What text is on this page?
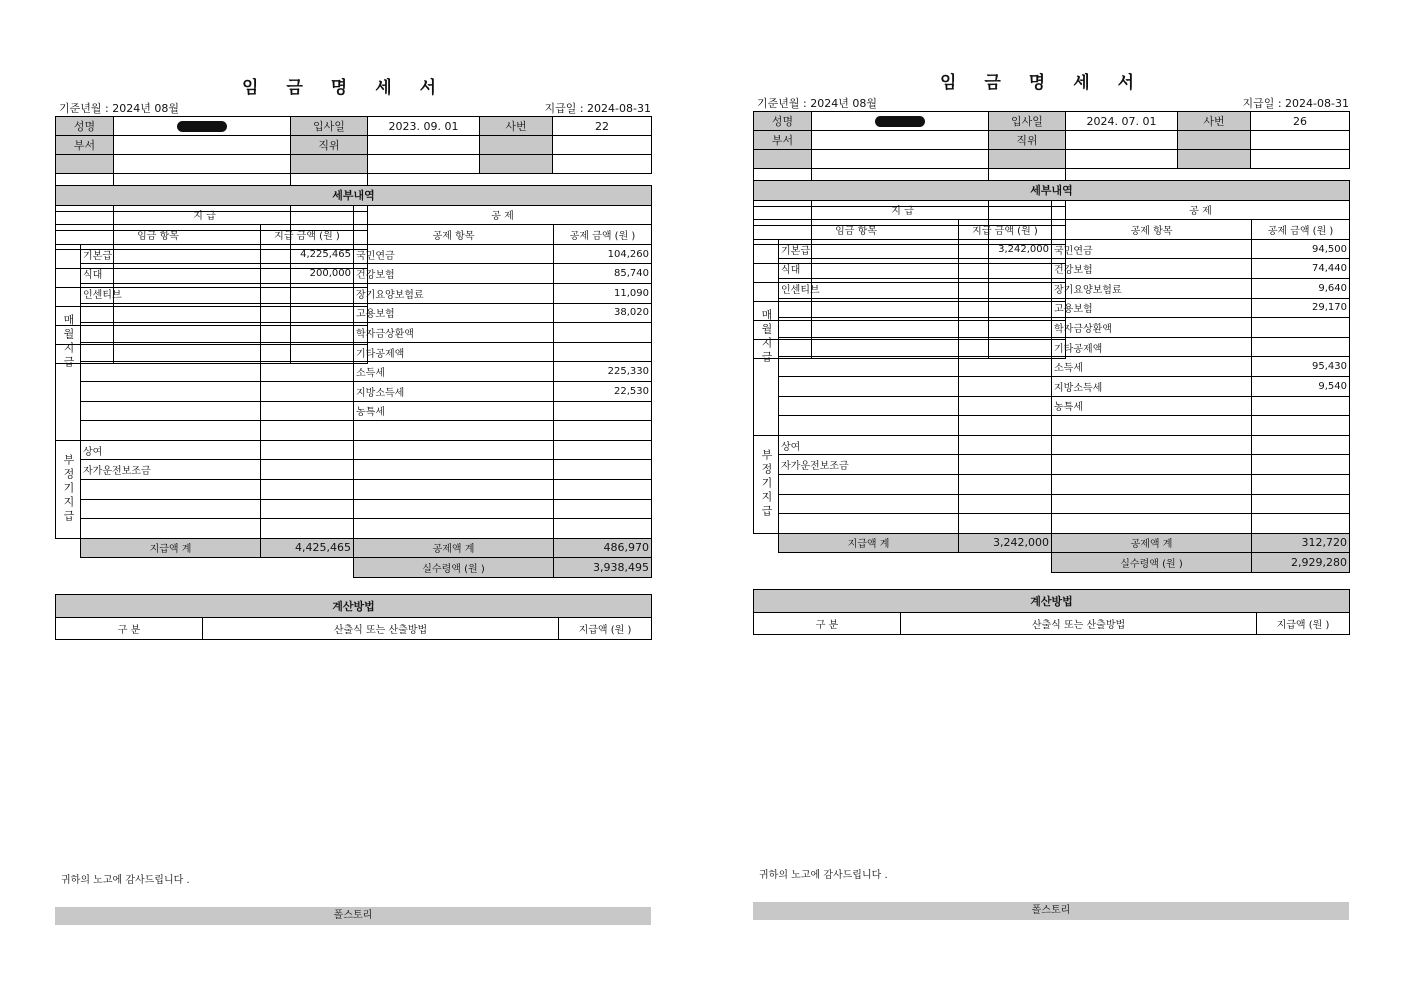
임금명세서
기준년월 : 2024년 08월	지급일 : 2024-08-31
성명		입사일	2023. 09. 01	사번	22
부서		직위			

세부내역				
지 급			공 제	
임금 항목		지급 금액 (원 )	공제 항목	공제 금액 (원 )
매월지급	기본급	4,225,465	국민연금	104,260
	식대	200,000	건강보험	85,740
	인센티브		장기요양보험료	11,090
			고용보험	38,020
			학자금상환액	
			기타공제액	
			소득세	225,330
			지방소득세	22,530
			농특세	

부정기지급	상여			
	자가운전보조금			

	지급액 계	4,425,465	공제액 계	486,970
			실수령액 (원 )	3,938,495
계산방법
구 분	산출식 또는 산출방법	지급액 (원 )
귀하의 노고에 감사드립니다 .
폴스토리
임금명세서
기준년월 : 2024년 08월	지급일 : 2024-08-31
성명		입사일	2024. 07. 01	사번	26
부서		직위			

세부내역				
지 급			공 제	
임금 항목		지급 금액 (원 )	공제 항목	공제 금액 (원 )
매월지급	기본급	3,242,000	국민연금	94,500
	식대		건강보험	74,440
	인센티브		장기요양보험료	9,640
			고용보험	29,170
			학자금상환액	
			기타공제액	
			소득세	95,430
			지방소득세	9,540
			농특세	

부정기지급	상여			
	자가운전보조금			

	지급액 계	3,242,000	공제액 계	312,720
			실수령액 (원 )	2,929,280
계산방법
구 분	산출식 또는 산출방법	지급액 (원 )
귀하의 노고에 감사드립니다 .
폴스토리
